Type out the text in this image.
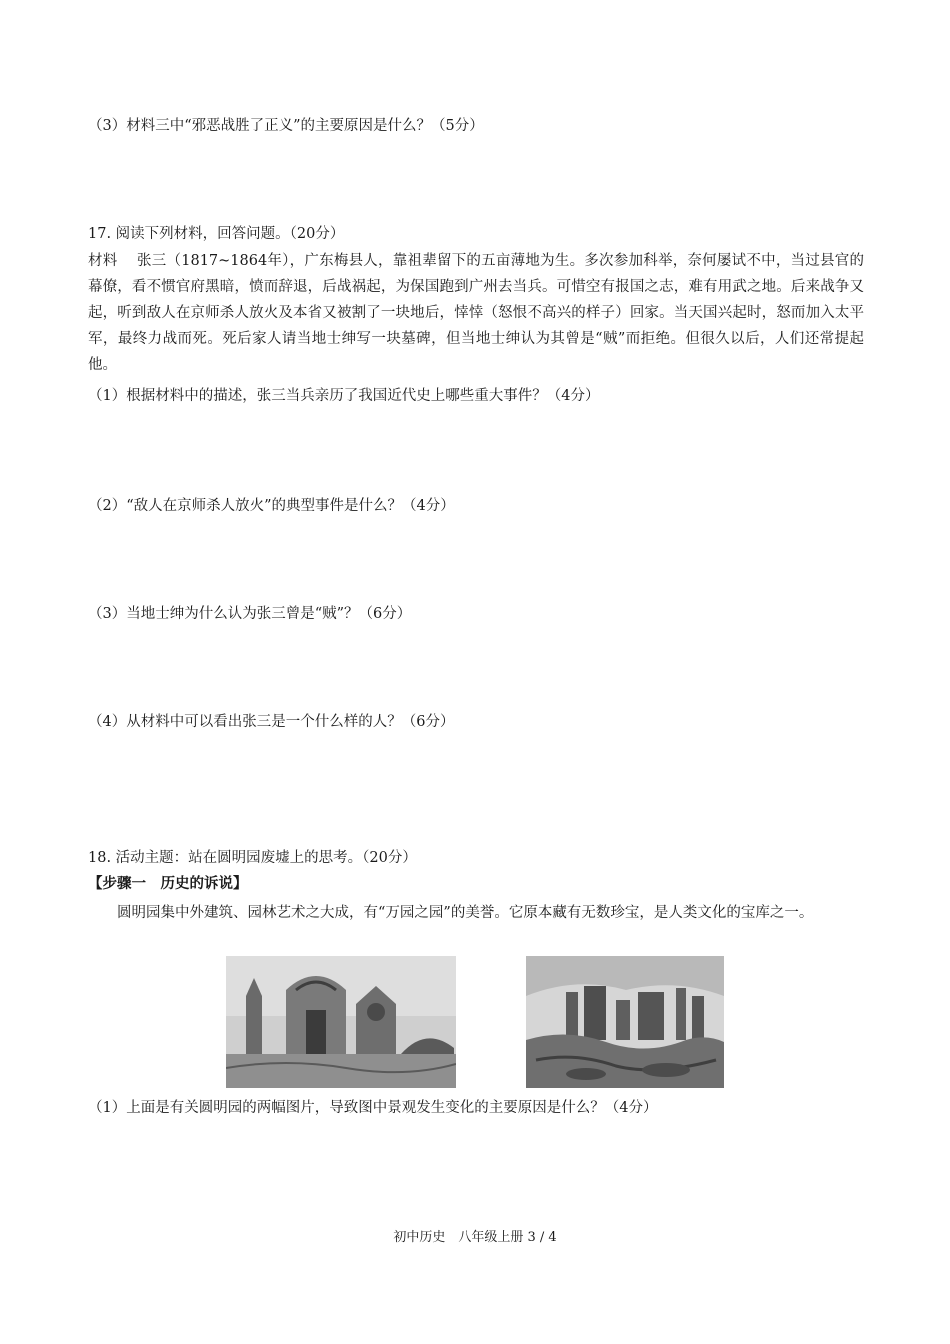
（3）材料三中“邪恶战胜了正义”的主要原因是什么？（5分）
17. 阅读下列材料，回答问题。（20分）
材料　 张三（1817~1864年），广东梅县人，靠祖辈留下的五亩薄地为生。多次参加科举，奈何屡试不中，当过县官的幕僚，看不惯官府黑暗，愤而辞退，后战祸起，为保国跑到广州去当兵。可惜空有报国之志，难有用武之地。后来战争又起，听到敌人在京师杀人放火及本省又被割了一块地后，悻悻（怒恨不高兴的样子）回家。当天国兴起时，怒而加入太平军，最终力战而死。死后家人请当地士绅写一块墓碑，但当地士绅认为其曾是“贼”而拒绝。但很久以后，人们还常提起他。
（1）根据材料中的描述，张三当兵亲历了我国近代史上哪些重大事件？（4分）
（2）“敌人在京师杀人放火”的典型事件是什么？（4分）
（3）当地士绅为什么认为张三曾是“贼”？（6分）
（4）从材料中可以看出张三是一个什么样的人？（6分）
18. 活动主题：站在圆明园废墟上的思考。（20分）
【步骤一　历史的诉说】
圆明园集中外建筑、园林艺术之大成，有“万园之园”的美誉。它原本藏有无数珍宝，是人类文化的宝库之一。
（1）上面是有关圆明园的两幅图片，导致图中景观发生变化的主要原因是什么？（4分）
初中历史　八年级上册 3 / 4
